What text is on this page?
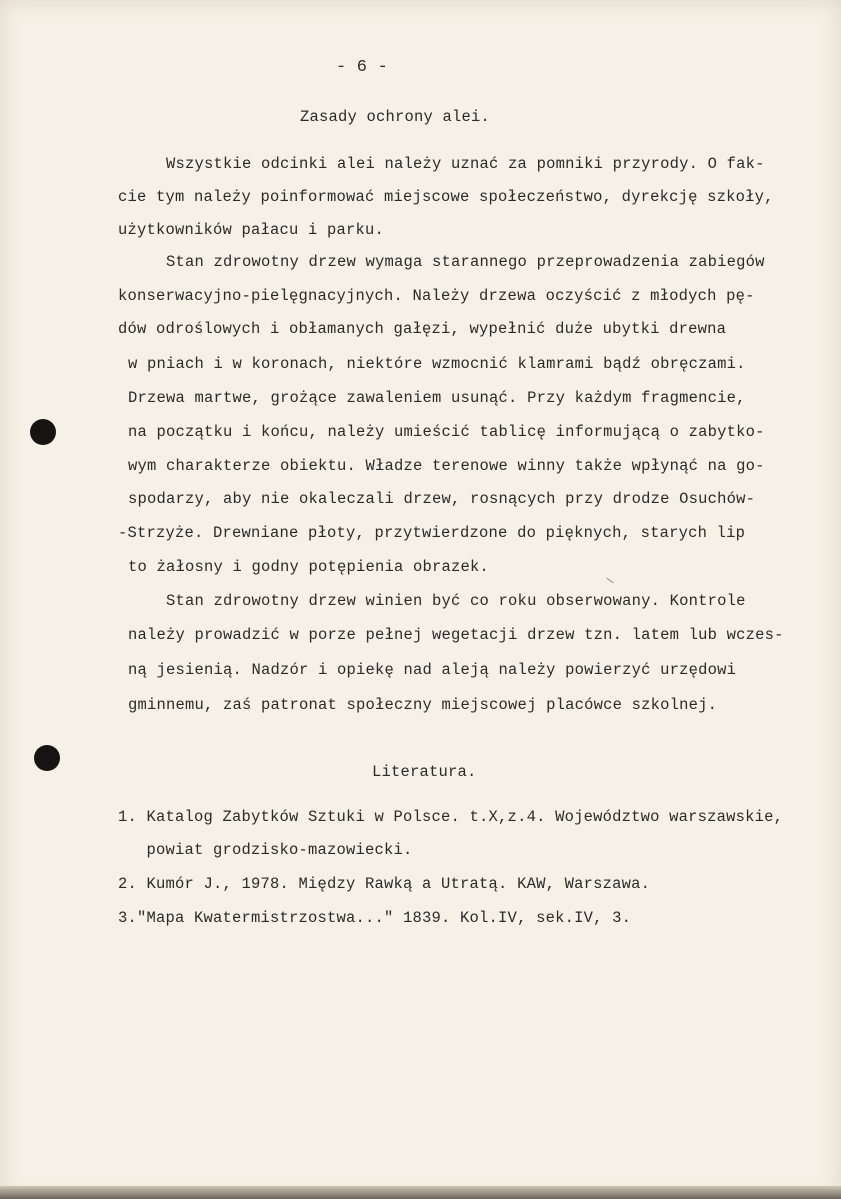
- 6 -
Zasady ochrony alei.
Wszystkie odcinki alei należy uznać za pomniki przyrody. O fak-
cie tym należy poinformować miejscowe społeczeństwo, dyrekcję szkoły,
użytkowników pałacu i parku.
Stan zdrowotny drzew wymaga starannego przeprowadzenia zabiegów
konserwacyjno-pielęgnacyjnych. Należy drzewa oczyścić z młodych pę-
dów odroślowych i obłamanych gałęzi, wypełnić duże ubytki drewna
w pniach i w koronach, niektóre wzmocnić klamrami bądź obręczami.
Drzewa martwe, grożące zawaleniem usunąć. Przy każdym fragmencie,
na początku i końcu, należy umieścić tablicę informującą o zabytko-
wym charakterze obiektu. Władze terenowe winny także wpłynąć na go-
spodarzy, aby nie okaleczali drzew, rosnących przy drodze Osuchów-
-Strzyże. Drewniane płoty, przytwierdzone do pięknych, starych lip
to żałosny i godny potępienia obrazek.
Stan zdrowotny drzew winien być co roku obserwowany. Kontrole
należy prowadzić w porze pełnej wegetacji drzew tzn. latem lub wczes-
ną jesienią. Nadzór i opiekę nad aleją należy powierzyć urzędowi
gminnemu, zaś patronat społeczny miejscowej placówce szkolnej.
Literatura.
1. Katalog Zabytków Sztuki w Polsce. t.X,z.4. Województwo warszawskie,
powiat grodzisko-mazowiecki.
2. Kumór J., 1978. Między Rawką a Utratą. KAW, Warszawa.
3."Mapa Kwatermistrzostwa..." 1839. Kol.IV, sek.IV, 3.
